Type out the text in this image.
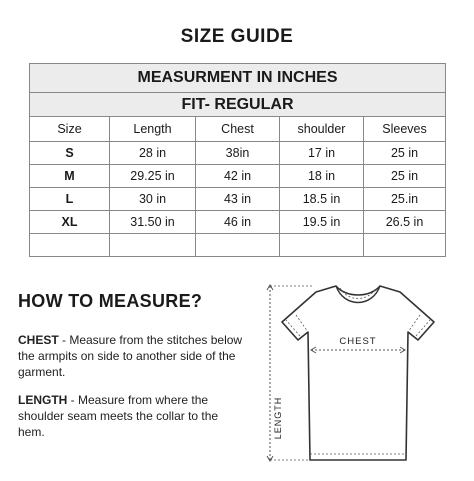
SIZE GUIDE
MEASURMENT IN INCHES				
FIT- REGULAR				
Size	Length	Chest	shoulder	Sleeves
S	28 in	38in	17 in	25 in
M	29.25 in	42 in	18 in	25 in
L	30 in	43 in	18.5 in	25.in
XL	31.50 in	46 in	19.5 in	26.5 in

HOW TO MEASURE?
CHEST - Measure from the stitches below the armpits on side to another side of the garment.
LENGTH - Measure from where the shoulder seam meets the collar to the hem.
CHEST
LENGTH
